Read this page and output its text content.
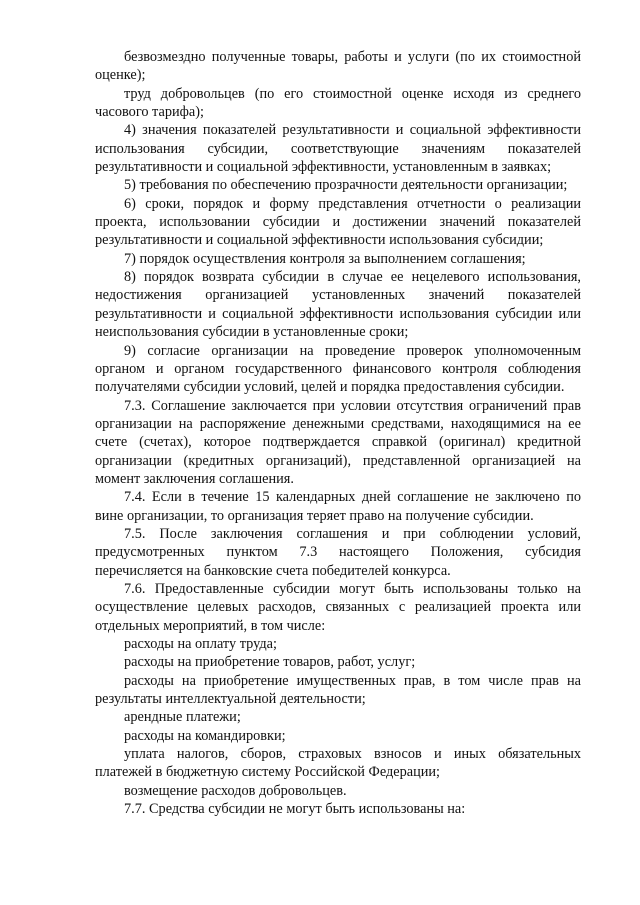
безвозмездно полученные товары, работы и услуги (по их стоимостной оценке);

труд добровольцев (по его стоимостной оценке исходя из среднего часового тарифа);

4) значения показателей результативности и социальной эффективности использования субсидии, соответствующие значениям показателей результативности и социальной эффективности, установленным в заявках;

5) требования по обеспечению прозрачности деятельности организации;

6) сроки, порядок и форму представления отчетности о реализации проекта, использовании субсидии и достижении значений показателей результативности и социальной эффективности использования субсидии;

7) порядок осуществления контроля за выполнением соглашения;

8) порядок возврата субсидии в случае ее нецелевого использования, недостижения организацией установленных значений показателей результативности и социальной эффективности использования субсидии или неиспользования субсидии в установленные сроки;

9) согласие организации на проведение проверок уполномоченным органом и органом государственного финансового контроля соблюдения получателями субсидии условий, целей и порядка предоставления субсидии.

7.3. Соглашение заключается при условии отсутствия ограничений прав организации на распоряжение денежными средствами, находящимися на ее счете (счетах), которое подтверждается справкой (оригинал) кредитной организации (кредитных организаций), представленной организацией на момент заключения соглашения.

7.4. Если в течение 15 календарных дней соглашение не заключено по вине организации, то организация теряет право на получение субсидии.

7.5. После заключения соглашения и при соблюдении условий, предусмотренных пунктом 7.3 настоящего Положения, субсидия перечисляется на банковские счета победителей конкурса.

7.6. Предоставленные субсидии могут быть использованы только на осуществление целевых расходов, связанных с реализацией проекта или отдельных мероприятий, в том числе:

расходы на оплату труда;

расходы на приобретение товаров, работ, услуг;

расходы на приобретение имущественных прав, в том числе прав на результаты интеллектуальной деятельности;

арендные платежи;

расходы на командировки;

уплата налогов, сборов, страховых взносов и иных обязательных платежей в бюджетную систему Российской Федерации;

возмещение расходов добровольцев.

7.7. Средства субсидии не могут быть использованы на:
